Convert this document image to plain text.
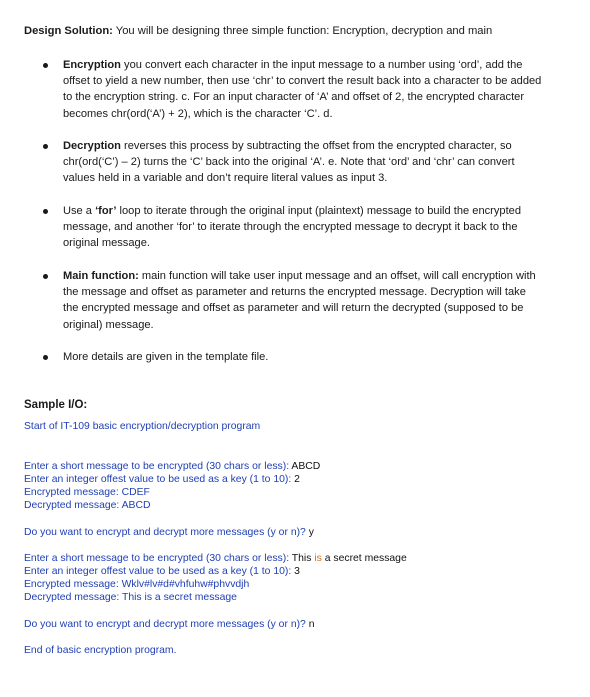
Design Solution: You will be designing three simple function: Encryption, decryption and main
Encryption you convert each character in the input message to a number using ‘ord’, add the offset to yield a new number, then use ‘chr’ to convert the result back into a character to be added to the encryption string. c. For an input character of ‘A’ and offset of 2, the encrypted character becomes chr(ord(‘A’) + 2), which is the character ‘C’. d.
Decryption reverses this process by subtracting the offset from the encrypted character, so chr(ord(‘C’) – 2) turns the ‘C’ back into the original ‘A’. e. Note that ‘ord’ and ‘chr’ can convert values held in a variable and don’t require literal values as input 3.
Use a ‘for’ loop to iterate through the original input (plaintext) message to build the encrypted message, and another ‘for’ to iterate through the encrypted message to decrypt it back to the original message.
Main function: main function will take user input message and an offset, will call encryption with the message and offset as parameter and returns the encrypted message. Decryption will take the encrypted message and offset as parameter and will return the decrypted (supposed to be original) message.
More details are given in the template file.
Sample I/O:
Start of IT-109 basic encryption/decryption program
Enter a short message to be encrypted (30 chars or less): ABCD
Enter an integer offest value to be used as a key (1 to 10): 2
Encrypted message: CDEF
Decrypted message: ABCD
Do you want to encrypt and decrypt more messages (y or n)? y
Enter a short message to be encrypted (30 chars or less): This is a secret message
Enter an integer offest value to be used as a key (1 to 10): 3
Encrypted message: Wklv#lv#d#vhfuhw#phvvdjh
Decrypted message: This is a secret message
Do you want to encrypt and decrypt more messages (y or n)? n
End of basic encryption program.
